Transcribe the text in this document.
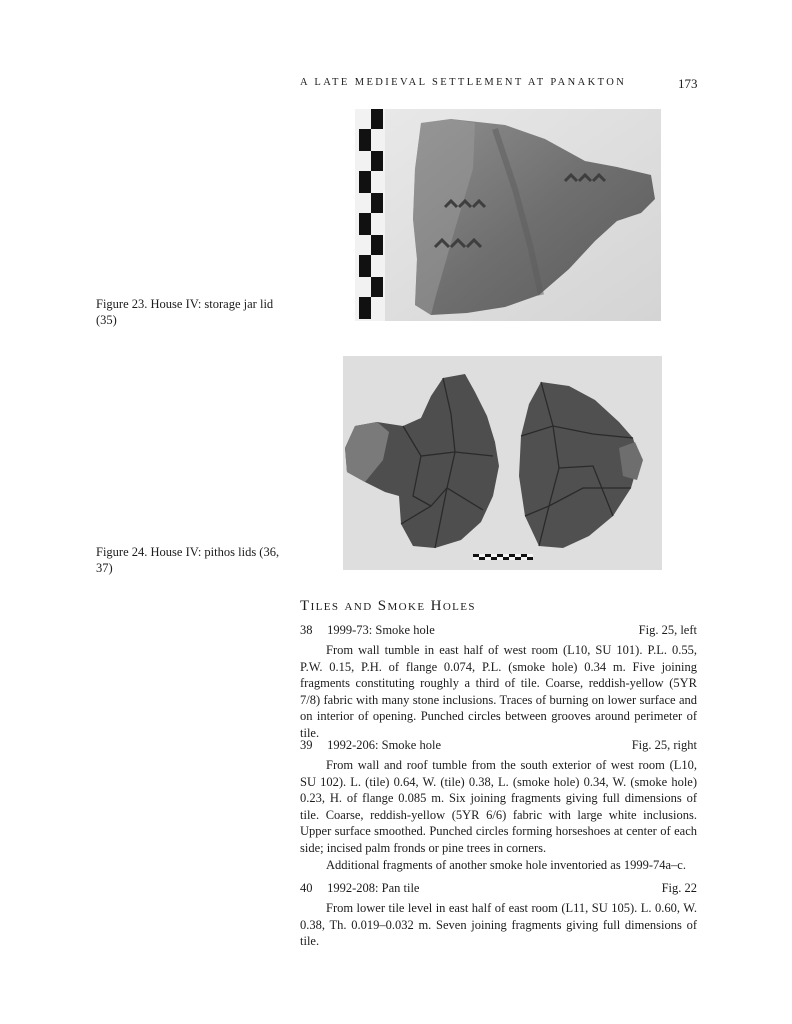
A LATE MEDIEVAL SETTLEMENT AT PANAKTON	173
Figure 23. House IV: storage jar lid (35)
Figure 24. House IV: pithos lids (36, 37)
Tiles and Smoke Holes
38 1999-73: Smoke hole	Fig. 25, left

From wall tumble in east half of west room (L10, SU 101). P.L. 0.55, P.W. 0.15, P.H. of flange 0.074, P.L. (smoke hole) 0.34 m. Five joining fragments constituting roughly a third of tile. Coarse, reddish-yellow (5YR 7/8) fabric with many stone inclusions. Traces of burning on lower surface and on interior of opening. Punched circles between grooves around perimeter of tile.

39 1992-206: Smoke hole	Fig. 25, right

From wall and roof tumble from the south exterior of west room (L10, SU 102). L. (tile) 0.64, W. (tile) 0.38, L. (smoke hole) 0.34, W. (smoke hole) 0.23, H. of flange 0.085 m. Six joining fragments giving full dimensions of tile. Coarse, reddish-yellow (5YR 6/6) fabric with large white inclusions. Upper surface smoothed. Punched circles forming horseshoes at center of each side; incised palm fronds or pine trees in corners.

Additional fragments of another smoke hole inventoried as 1999-74a–c.

40 1992-208: Pan tile	Fig. 22

From lower tile level in east half of east room (L11, SU 105). L. 0.60, W. 0.38, Th. 0.019–0.032 m. Seven joining fragments giving full dimensions of tile.
